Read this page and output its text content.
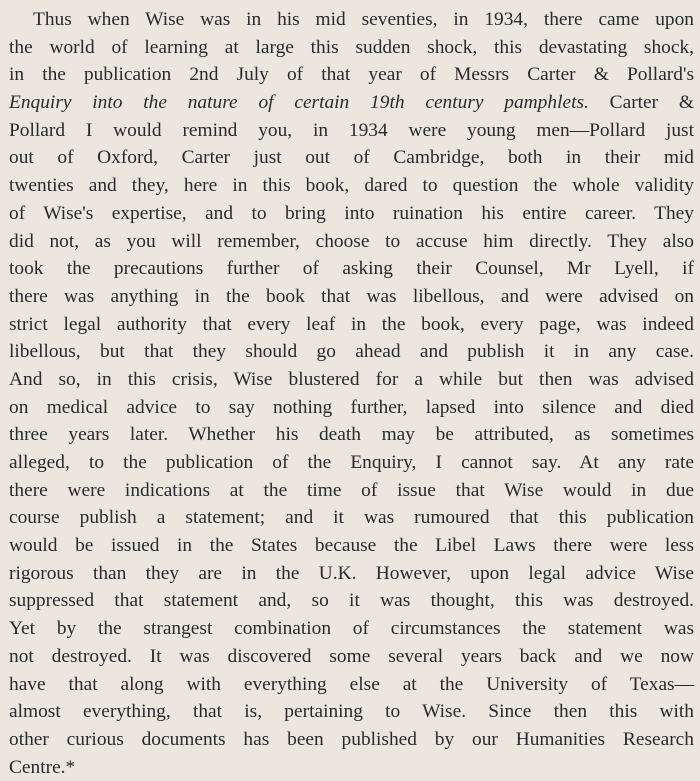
Thus when Wise was in his mid seventies, in 1934, there came upon
the world of learning at large this sudden shock, this devastating shock,
in the publication 2nd July of that year of Messrs Carter & Pollard's
Enquiry into the nature of certain 19th century pamphlets. Carter &
Pollard I would remind you, in 1934 were young men—Pollard just
out of Oxford, Carter just out of Cambridge, both in their mid
twenties and they, here in this book, dared to question the whole validity
of Wise's expertise, and to bring into ruination his entire career. They
did not, as you will remember, choose to accuse him directly. They also
took the precautions further of asking their Counsel, Mr Lyell, if
there was anything in the book that was libellous, and were advised on
strict legal authority that every leaf in the book, every page, was indeed
libellous, but that they should go ahead and publish it in any case.
And so, in this crisis, Wise blustered for a while but then was advised
on medical advice to say nothing further, lapsed into silence and died
three years later. Whether his death may be attributed, as sometimes
alleged, to the publication of the Enquiry, I cannot say. At any rate
there were indications at the time of issue that Wise would in due
course publish a statement; and it was rumoured that this publication
would be issued in the States because the Libel Laws there were less
rigorous than they are in the U.K. However, upon legal advice Wise
suppressed that statement and, so it was thought, this was destroyed.
Yet by the strangest combination of circumstances the statement was
not destroyed. It was discovered some several years back and we now
have that along with everything else at the University of Texas—
almost everything, that is, pertaining to Wise. Since then this with
other curious documents has been published by our Humanities Research
Centre.*
